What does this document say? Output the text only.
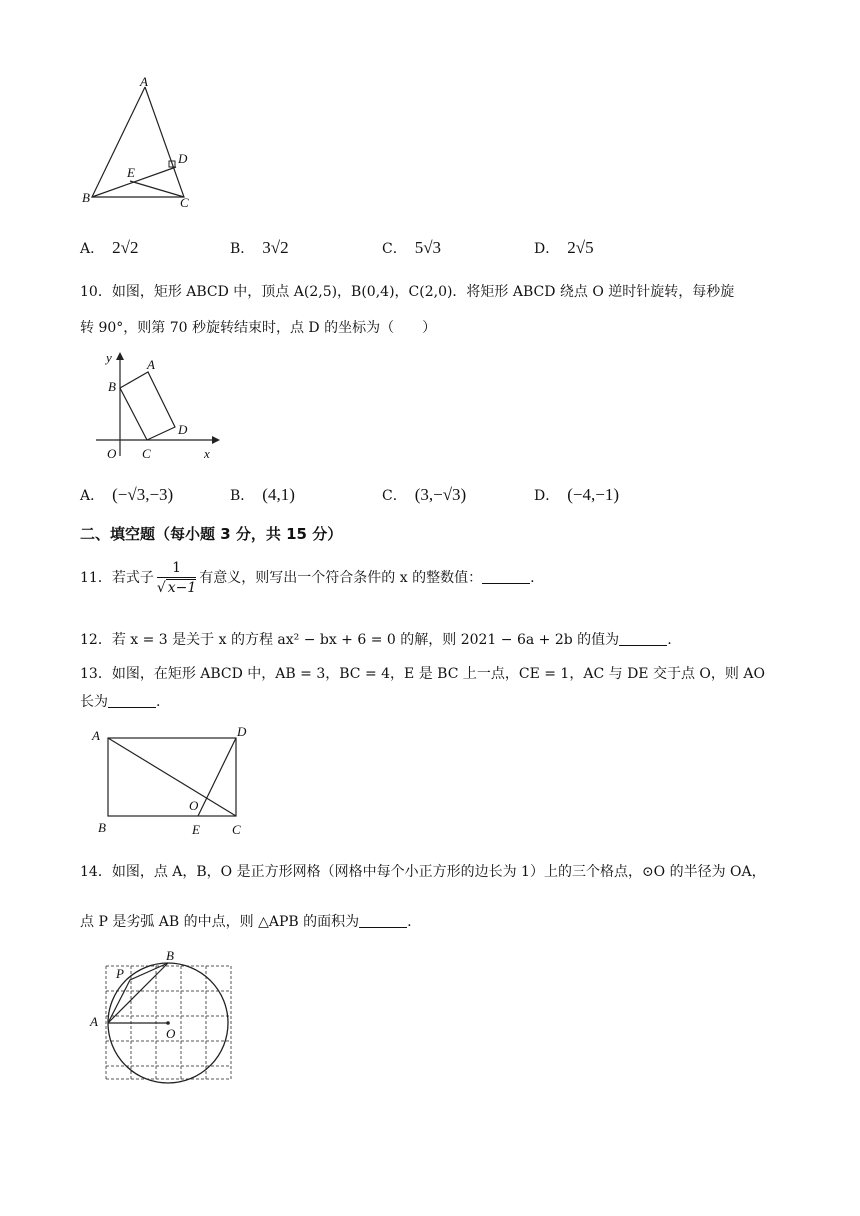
A
B	C
D
E
A． 2√2	B． 3√2	C． 5√3	D． 2√5
10．如图，矩形 ABCD 中，顶点 A(2,5)，B(0,4)，C(2,0)．将矩形 ABCD 绕点 O 逆时针旋转，每秒旋
转 90°，则第 70 秒旋转结束时，点 D 的坐标为（　　）
y	A
B
D
O C	x
A． (−√3,−3)	B． (4,1)	C． (3,−√3)	D． (−4,−1)
二、填空题（每小题 3 分，共 15 分）
11．若式子 $\frac{1}{√ x-1}$ 有意义，则写出一个符合条件的 x 的整数值：	.
12．若 x = 3 是关于 x 的方程 ax² − bx + 6 = 0 的解，则 2021 − 6a + 2b 的值为	.
13．如图，在矩形 ABCD 中，AB = 3，BC = 4，E 是 BC 上一点，CE = 1，AC 与 DE 交于点 O，则 AO
长为	.
A	D
O
B	E C
14．如图，点 A，B，O 是正方形网格（网格中每个小正方形的边长为 1）上的三个格点，⊙O 的半径为 OA，
点 P 是劣弧 AB 的中点，则 △APB 的面积为	.
B
P
A
O
